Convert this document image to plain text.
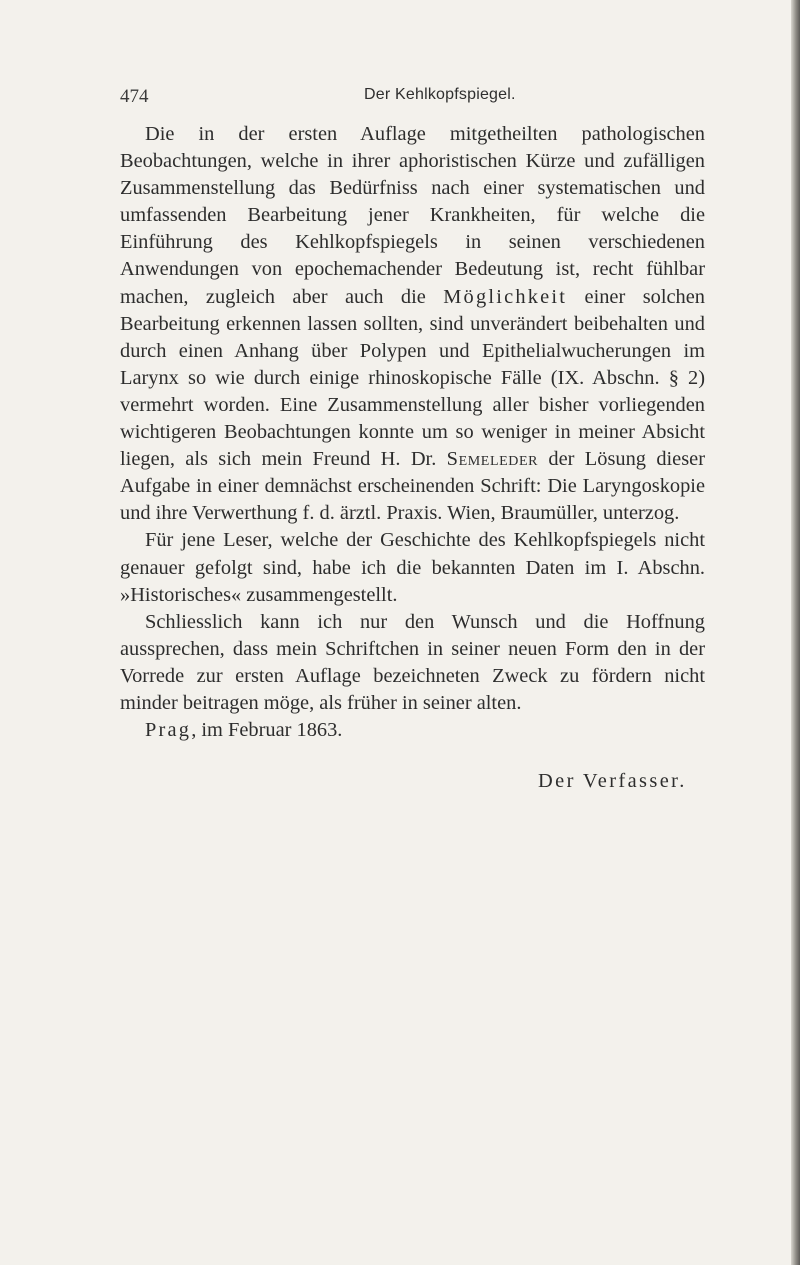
474	Der Kehlkopfspiegel.

Die in der ersten Auflage mitgetheilten pathologischen Beobachtungen, welche in ihrer aphoristischen Kürze und zufälligen Zusammenstellung das Bedürfniss nach einer systematischen und umfassenden Bearbeitung jener Krankheiten, für welche die Einführung des Kehlkopfspiegels in seinen verschiedenen Anwendungen von epochemachender Bedeutung ist, recht fühlbar machen, zugleich aber auch die Möglichkeit einer solchen Bearbeitung erkennen lassen sollten, sind unverändert beibehalten und durch einen Anhang über Polypen und Epithelialwucherungen im Larynx so wie durch einige rhinoskopische Fälle (IX. Abschn. § 2) vermehrt worden. Eine Zusammenstellung aller bisher vorliegenden wichtigeren Beobachtungen konnte um so weniger in meiner Absicht liegen, als sich mein Freund H. Dr. Semeleder der Lösung dieser Aufgabe in einer demnächst erscheinenden Schrift: Die Laryngoskopie und ihre Verwerthung f. d. ärztl. Praxis. Wien, Braumüller, unterzog.

Für jene Leser, welche der Geschichte des Kehlkopfspiegels nicht genauer gefolgt sind, habe ich die bekannten Daten im I. Abschn. »Historisches« zusammengestellt.

Schliesslich kann ich nur den Wunsch und die Hoffnung aussprechen, dass mein Schriftchen in seiner neuen Form den in der Vorrede zur ersten Auflage bezeichneten Zweck zu fördern nicht minder beitragen möge, als früher in seiner alten.

Prag, im Februar 1863.

Der Verfasser.
